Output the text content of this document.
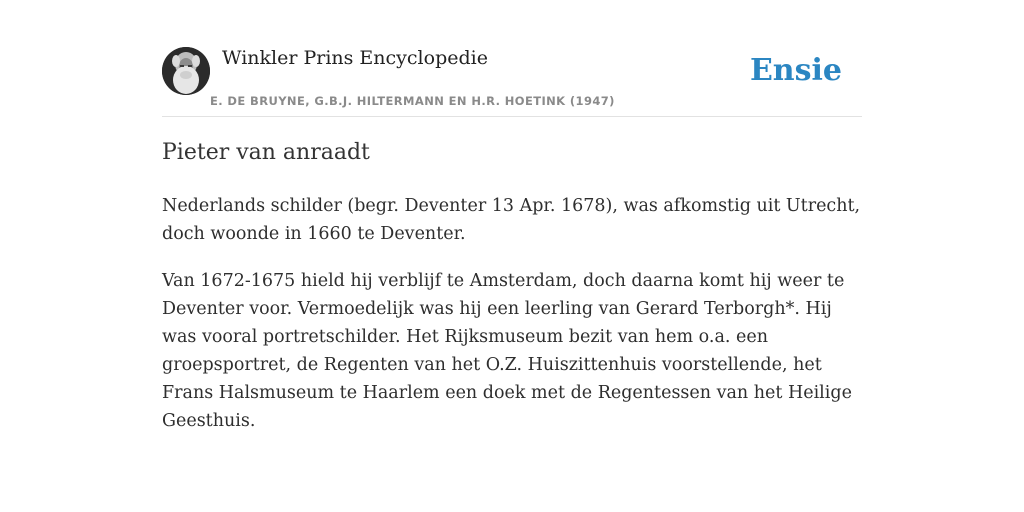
Winkler Prins Encyclopedie
E. DE BRUYNE, G.B.J. HILTERMANN EN H.R. HOETINK (1947)
Ensie
Pieter van anraadt

Nederlands schilder (begr. Deventer 13 Apr. 1678), was afkomstig uit Utrecht, doch woonde in 1660 te Deventer.

Van 1672-1675 hield hij verblijf te Amsterdam, doch daarna komt hij weer te Deventer voor. Vermoedelijk was hij een leerling van Gerard Terborgh*. Hij was vooral portretschilder. Het Rijksmuseum bezit van hem o.a. een groepsportret, de Regenten van het O.Z. Huiszittenhuis voorstellende, het Frans Halsmuseum te Haarlem een doek met de Regentessen van het Heilige Geesthuis.
